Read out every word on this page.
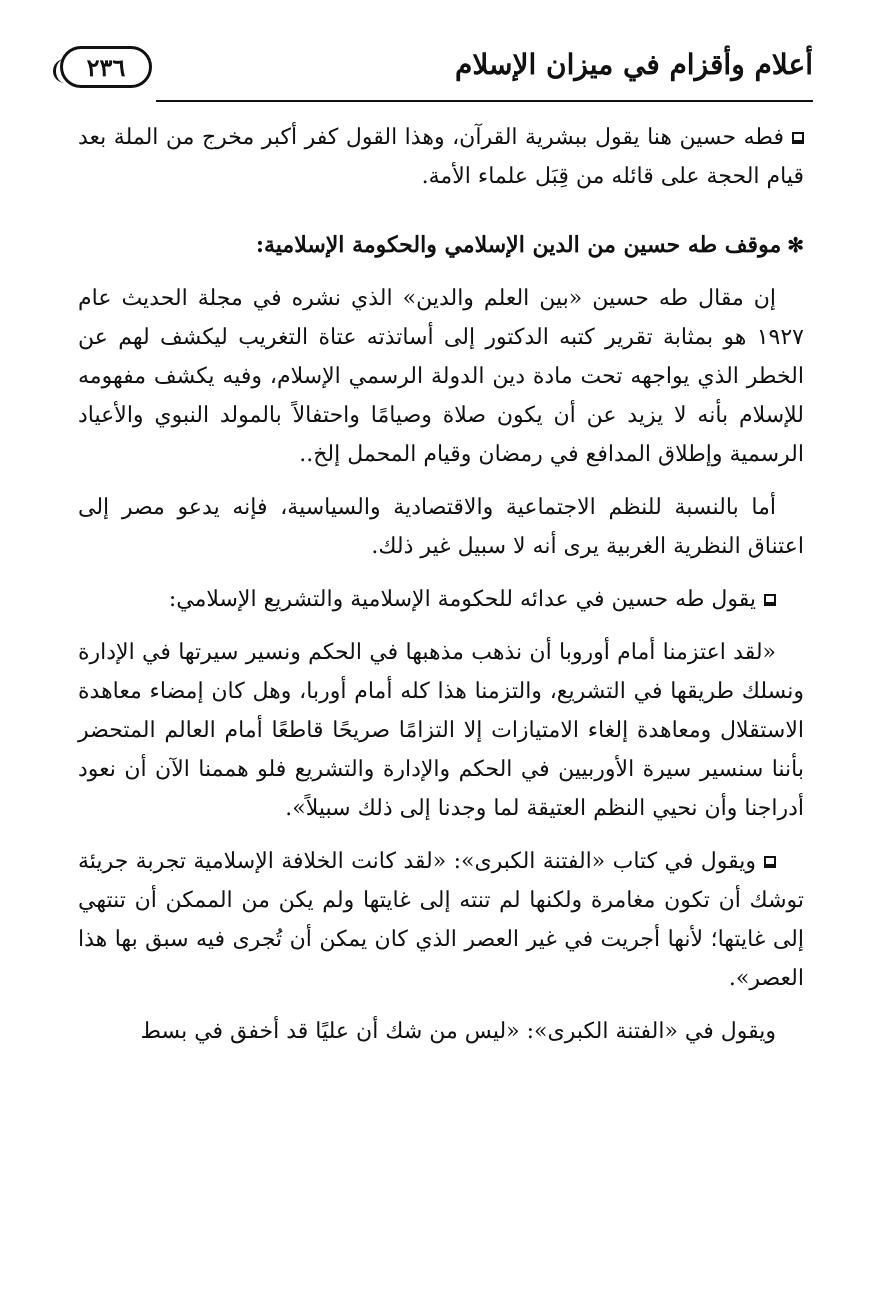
أعلام وأقزام في ميزان الإسلام
٢٣٦

فطه حسين هنا يقول ببشرية القرآن، وهذا القول كفر أكبر مخرج من الملة بعد قيام الحجة على قائله من قِبَل علماء الأمة.

✻موقف طه حسين من الدين الإسلامي والحكومة الإسلامية:

إن مقال طه حسين «بين العلم والدين» الذي نشره في مجلة الحديث عام ١٩٢٧ هو بمثابة تقرير كتبه الدكتور إلى أساتذته عتاة التغريب ليكشف لهم عن الخطر الذي يواجهه تحت مادة دين الدولة الرسمي الإسلام، وفيه يكشف مفهومه للإسلام بأنه لا يزيد عن أن يكون صلاة وصيامًا واحتفالاً بالمولد النبوي والأعياد الرسمية وإطلاق المدافع في رمضان وقيام المحمل إلخ..

أما بالنسبة للنظم الاجتماعية والاقتصادية والسياسية، فإنه يدعو مصر إلى اعتناق النظرية الغربية يرى أنه لا سبيل غير ذلك.

يقول طه حسين في عدائه للحكومة الإسلامية والتشريع الإسلامي:

«لقد اعتزمنا أمام أوروبا أن نذهب مذهبها في الحكم ونسير سيرتها في الإدارة ونسلك طريقها في التشريع، والتزمنا هذا كله أمام أوربا، وهل كان إمضاء معاهدة الاستقلال ومعاهدة إلغاء الامتيازات إلا التزامًا صريحًا قاطعًا أمام العالم المتحضر بأننا سنسير سيرة الأوربيين في الحكم والإدارة والتشريع فلو هممنا الآن أن نعود أدراجنا وأن نحيي النظم العتيقة لما وجدنا إلى ذلك سبيلاً».

ويقول في كتاب «الفتنة الكبرى»: «لقد كانت الخلافة الإسلامية تجربة جريئة توشك أن تكون مغامرة ولكنها لم تنته إلى غايتها ولم يكن من الممكن أن تنتهي إلى غايتها؛ لأنها أجريت في غير العصر الذي كان يمكن أن تُجرى فيه سبق بها هذا العصر».

ويقول في «الفتنة الكبرى»: «ليس من شك أن عليًا قد أخفق في بسط
